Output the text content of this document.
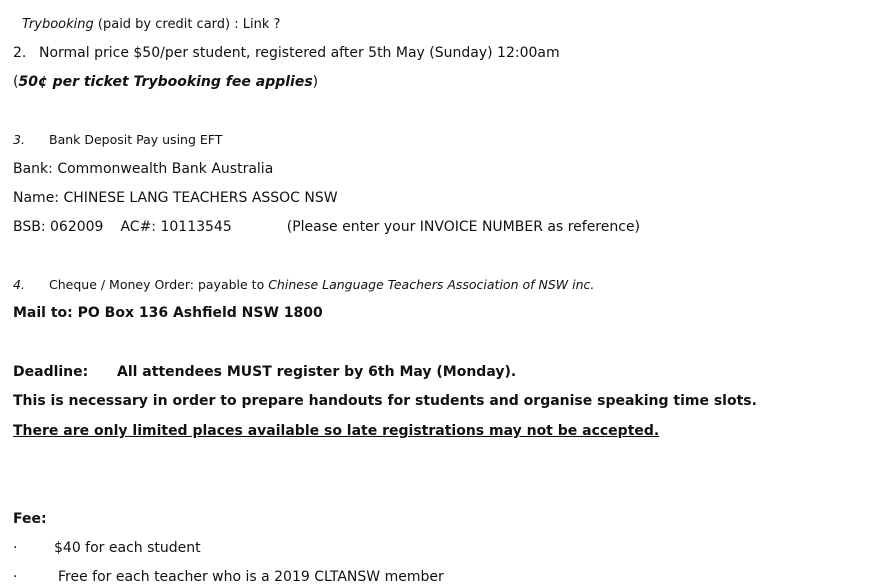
Trybooking (paid by credit card) : Link ?
2. Normal price $50/per student, registered after 5th May (Sunday) 12:00am
(50¢ per ticket Trybooking fee applies)
3. Bank Deposit Pay using EFT
Bank: Commonwealth Bank Australia
Name: CHINESE LANG TEACHERS ASSOC NSW
BSB: 062009 AC#: 10113545	(Please enter your INVOICE NUMBER as reference)
4. Cheque / Money Order: payable to Chinese Language Teachers Association of NSW inc.
Mail to: PO Box 136 Ashfield NSW 1800
Deadline: All attendees MUST register by 6th May (Monday).
This is necessary in order to prepare handouts for students and organise speaking time slots.
There are only limited places available so late registrations may not be accepted.
Fee:
·	$40 for each student
·	Free for each teacher who is a 2019 CLTANSW member
